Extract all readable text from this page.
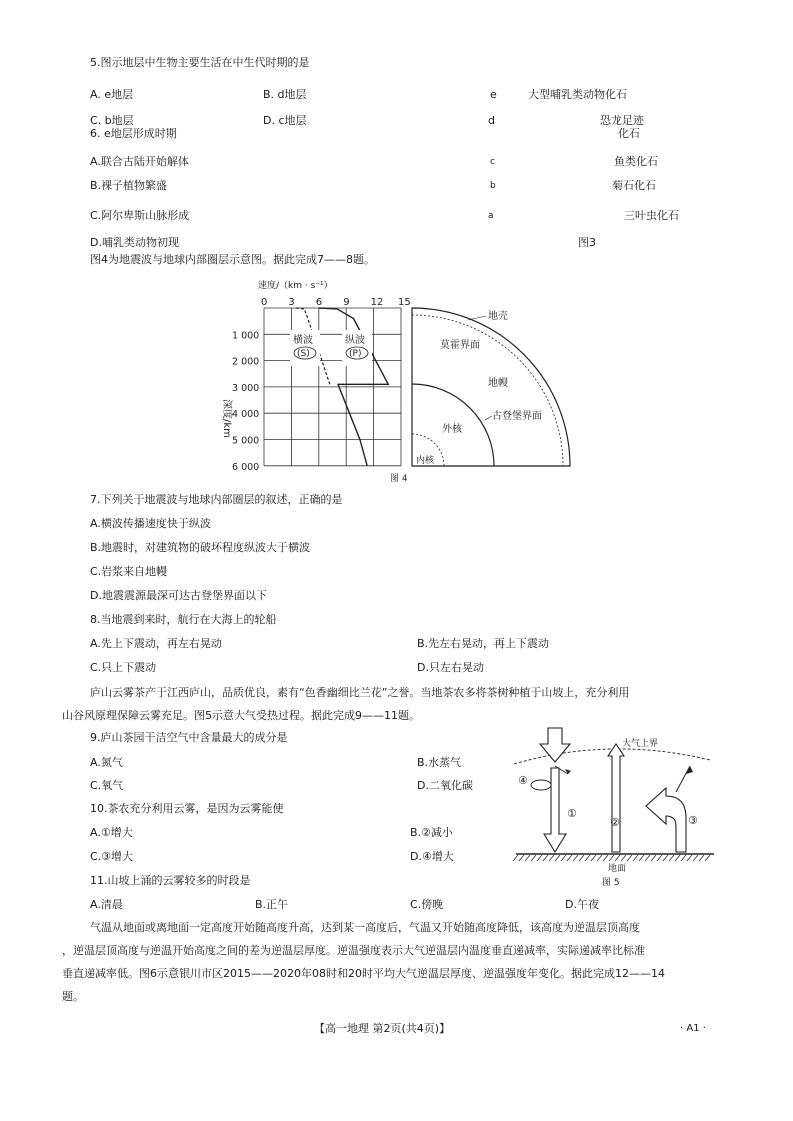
5.图示地层中生物主要生活在中生代时期的是
A. e地层	B. d地层
C. b地层	D. c地层
e	大型哺乳类动物化石
d	恐龙足迹
化石
c	鱼类化石
b	菊石化石
a	三叶虫化石
图3
6. e地层形成时期
A.联合古陆开始解体
B.裸子植物繁盛
C.阿尔卑斯山脉形成
D.哺乳类动物初现
图4为地震波与地球内部圈层示意图。据此完成7——8题。
速度/（km · s⁻¹）
0 3 6 9 12 15
1 000
2 000
3 000
4 000
5 000
6 000
深度/km
横波
(S)
纵波
(P)
地壳
莫霍界面
地幔
古登堡界面
外核
内核
图 4
7.下列关于地震波与地球内部圈层的叙述，正确的是
A.横波传播速度快于纵波
B.地震时，对建筑物的破坏程度纵波大于横波
C.岩浆来自地幔
D.地震震源最深可达古登堡界面以下
8.当地震到来时，航行在大海上的轮船
A.先上下震动，再左右晃动	B.先左右晃动，再上下震动
C.只上下震动	D.只左右晃动
庐山云雾茶产于江西庐山，品质优良，素有“色香幽细比兰花”之誉。当地茶农多将茶树种植于山坡上，充分利用
山谷风原理保障云雾充足。图5示意大气受热过程。据此完成9——11题。
9.庐山茶园干洁空气中含量最大的成分是
A.氮气	B.水蒸气
C.氧气	D.二氧化碳
10.茶农充分利用云雾，是因为云雾能使
A.①增大	B.②减小
C.③增大	D.④增大
11.山坡上涌的云雾较多的时段是
A.清晨	B.正午	C.傍晚	D.午夜
大气上界
①
④
②	③
地面
图 5
气温从地面或离地面一定高度开始随高度升高，达到某一高度后，气温又开始随高度降低，该高度为逆温层顶高度
，逆温层顶高度与逆温开始高度之间的差为逆温层厚度。逆温强度表示大气逆温层内温度垂直递减率，实际递减率比标准
垂直递减率低。图6示意银川市区2015——2020年08时和20时平均大气逆温层厚度、逆温强度年变化。据此完成12——14
题。
【高一地理 第2页(共4页)】	· A1 ·
